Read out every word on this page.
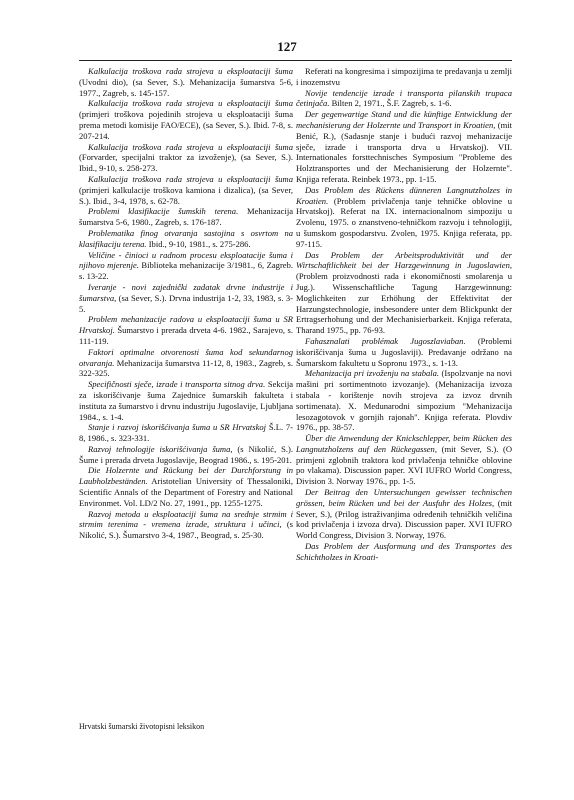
127

Kalkulacija troškova rada strojeva u eksploataciji šuma (Uvodni dio), (sa Sever, S.). Mehanizacija šumarstva 5-6, 1977., Zagreb, s. 145-157.

Kalkulacija troškova rada strojeva u eksploataciji šuma (primjeri troškova pojedinih strojeva u eksploataciji šuma prema metodi komisije FAO/ECE), (sa Sever, S.). Ibid. 7-8, s. 207-214.

Kalkulacija troškova rada strojeva u eksploataciji šuma (Forvarder, specijalni traktor za izvoženje), (sa Sever, S.). Ibid., 9-10, s. 258-273.

Kalkulacija troškova rada strojeva u eksploataciji šuma (primjeri kalkulacije troškova kamiona i dizalica), (sa Sever, S.). Ibid., 3-4, 1978, s. 62-78.

Problemi klasifikacije šumskih terena. Mehanizacija šumarstva 5-6, 1980., Zagreb, s. 176-187.

Problematika finog otvaranja sastojina s osvrtom na klasifikaciju terena. Ibid., 9-10, 1981., s. 275-286.

Veličine - činioci u radnom procesu eksploatacije šuma i njihovo mjerenje. Biblioteka mehanizacije 3/1981., 6, Zagreb. s. 13-22.

Iveranje - novi zajednički zadatak drvne industrije i šumarstva, (sa Sever, S.). Drvna industrija 1-2, 33, 1983, s. 3-5.

Problem mehanizacije radova u eksploataciji šuma u SR Hrvatskoj. Šumarstvo i prerada drveta 4-6. 1982., Sarajevo, s. 111-119.

Faktori optimalne otvorenosti šuma kod sekundarnog otvaranja. Mehanizacija šumarstva 11-12, 8, 1983., Zagreb, s. 322-325.

Specifičnosti sječe, izrade i transporta sitnog drva. Sekcija za iskorišćivanje šuma Zajednice šumarskih fakulteta i instituta za šumarstvo i drvnu industriju Jugoslavije, Ljubljana 1984., s. 1-4.

Stanje i razvoj iskorišćivanja šuma u SR Hrvatskoj Š.L. 7-8, 1986., s. 323-331.

Razvoj tehnologije iskorišćivanja šuma, (s Nikolić, S.). Šume i prerada drveta Jugoslavije, Beograd 1986., s. 195-201.

Die Holzernte und Rückung bei der Durchforstung in Laubholzbeständen. Aristotelian University of Thessaloniki, Scientific Annals of the Department of Forestry and National Environmet. Vol. LD/2 No. 27, 1991., pp. 1255-1275.

Razvoj metoda u eksploataciji šuma na srednje strmim i strmim terenima - vremena izrade, struktura i učinci, (s Nikolić, S.). Šumarstvo 3-4, 1987., Beograd, s. 25-30.

Referati na kongresima i simpozijima te predavanja u zemlji i inozemstvu

Novije tendencije izrade i transporta pilanskih trupaca četinjača. Bilten 2, 1971., Š.F. Zagreb, s. 1-6.

Der gegenwartige Stand und die künftige Entwicklung der mechanisierung der Holzernte und Transport in Kroatien, (mit Benić, R.), (Sadasnje stanje i budući razvoj mehanizacije sječe, izrade i transporta drva u Hrvatskoj). VII. Internationales forsttechnisches Symposium "Probleme des Holztransportes und der Mechanisierung der Holzernte". Knjiga referata. Reinbek 1973., pp. 1-15.

Das Problem des Rückens dünneren Langnutzholzes in Kroatien. (Problem privlačenja tanje tehničke oblovine u Hrvatskoj). Referat na IX. internacionalnom simpoziju u Zvolenu, 1975. o znanstveno-tehničkom razvoju i tehnologiji, u šumskom gospodarstvu. Zvolen, 1975. Knjiga referata, pp. 97-115.

Das Problem der Arbeitsproduktivität und der Wirtschaftlichkeit bei der Harzgewinnung in Jugoslawien, (Problem proizvodnosti rada i ekonomičnosti smolarenja u Jug.). Wissenschaftliche Tagung Harzgewinnung: Moglichkeiten zur Erhöhung der Effektivitat der Harzungstechnologie, insbesondere unter dem Blickpunkt der Ertragserhohung und der Mechanisierbarkeit. Knjiga referata, Tharand 1975., pp. 76-93.

Fahasznalati problémak Jugoszlaviaban. (Problemi iskorišćivanja šuma u Jugoslaviji). Predavanje održano na Šumarskom fakultetu u Sopronu 1973., s. 1-13.

Mehanizacija pri izvoženju na stabala. (Ispolzvanje na novi mašini pri sortimentnoto izvozanje). (Mehanizacija izvoza stabala - korištenje novih strojeva za izvoz drvnih sortimenata). X. Medunarodni simpozium "Mehanizacija lesozagotovok v gornjih rajonah". Knjiga referata. Plovdiv 1976., pp. 38-57.

Über die Anwendung der Knickschlepper, beim Rücken des Langnutzholzens auf den Rückegassen, (mit Sever, S.). (O primjeni zglobnih traktora kod privlačenja tehničke oblovine po vlakama). Discussion paper. XVI IUFRO World Congress, Division 3. Norway 1976., pp. 1-5.

Der Beitrag den Untersuchungen gewisser technischen grössen, beim Rücken und bei der Ausfuhr des Holzes, (mit Sever, S.), (Prilog istraživanjima određenih tehničkih veličina kod privlačenja i izvoza drva). Discussion paper. XVI IUFRO World Congress, Division 3. Norway, 1976.

Das Problem der Ausformung und des Transportes des Schichtholzes in Kroati-

Hrvatski šumarski životopisni leksikon
